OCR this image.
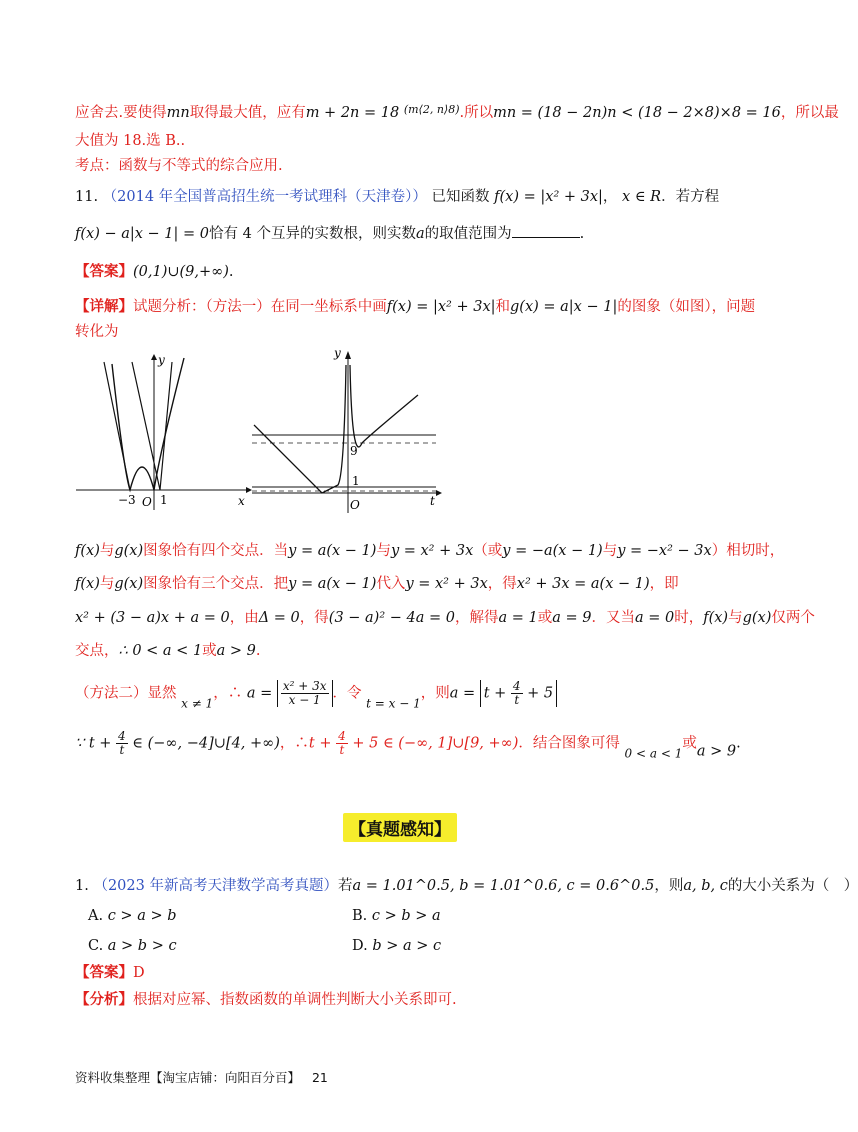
应舍去.要使得mn取得最大值，应有m + 2n = 18 $^{(m⟨2, n⟩8)}$.所以mn = (18 − 2n)n < (18 − 2×8)×8 = 16，所以最
大值为 18.选 B..
考点：函数与不等式的综合应用.
11. （2014 年全国普高招生统一考试理科（天津卷）） 已知函数 f(x) = |x² + 3x|， x ∈ R．若方程
f(x) − a|x − 1| = 0恰有 4 个互异的实数根，则实数a的取值范围为	.
【答案】(0,1)∪(9,+∞).
【详解】试题分析：（方法一）在同一坐标系中画f(x) = |x² + 3x|和g(x) = a|x − 1|的图象（如图），问题
转化为
y
−3 O 1	x
y
9
1
O	t
f(x)与g(x)图象恰有四个交点．当y = a(x − 1)与y = x² + 3x（或y = −a(x − 1)与y = −x² − 3x）相切时，
f(x)与g(x)图象恰有三个交点．把y = a(x − 1)代入y = x² + 3x，得x² + 3x = a(x − 1)，即
x² + (3 − a)x + a = 0，由Δ = 0，得(3 − a)² − 4a = 0，解得a = 1或a = 9．又当a = 0时，f(x)与g(x)仅两个
交点，∴ 0 < a < 1或a > 9.
（方法二）显然 $_{x \ne 1}$，∴ $a = \frac{\text{x² + 3x}}{x - 1}$ ．令 $_{t = x - 1}$，则$a = t + \frac{4}{t} + 5$
∵ $t + \frac{4}{t}$ ∈ (−∞, −4]∪[4, +∞)，∴t + $\frac{4}{t} + 5$ ∈ (−∞, 1]∪[9, +∞)．结合图象可得 $_{0 < a < 1}$或a > 9.
【真题感知】
1. （2023 年新高考天津数学高考真题）若a = 1.01^0.5, b = 1.01^0.6, c = 0.6^0.5，则a, b, c的大小关系为（　）
A. c > a > b	B. c > b > a
C. a > b > c	D. b > a > c
【答案】D
【分析】根据对应幂、指数函数的单调性判断大小关系即可.
资料收集整理【淘宝店铺：向阳百分百】 21
